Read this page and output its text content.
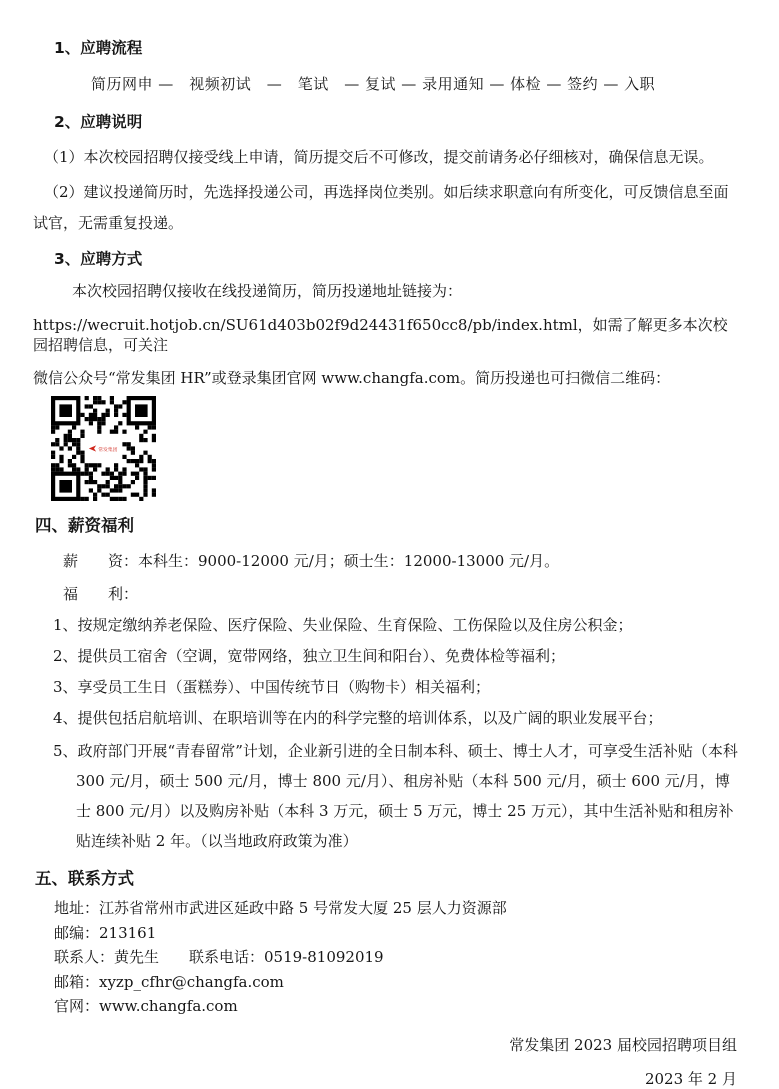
1、应聘流程
简历网申 —　视频初试　—　笔试　— 复试 — 录用通知 — 体检 — 签约 — 入职
2、应聘说明
（1）本次校园招聘仅接受线上申请，简历提交后不可修改，提交前请务必仔细核对，确保信息无误。
（2）建议投递简历时，先选择投递公司，再选择岗位类别。如后续求职意向有所变化，可反馈信息至面试官，无需重复投递。
3、应聘方式
本次校园招聘仅接收在线投递简历，简历投递地址链接为：
https://wecruit.hotjob.cn/SU61d403b02f9d24431f650cc8/pb/index.html，如需了解更多本次校园招聘信息，可关注
微信公众号“常发集团 HR”或登录集团官网 www.changfa.com。简历投递也可扫微信二维码：
常发集团
四、薪资福利
薪　　资：本科生：9000-12000 元/月；硕士生：12000-13000 元/月。
福　　利：
1、按规定缴纳养老保险、医疗保险、失业保险、生育保险、工伤保险以及住房公积金；
2、提供员工宿舍（空调，宽带网络，独立卫生间和阳台）、免费体检等福利；
3、享受员工生日（蛋糕券）、中国传统节日（购物卡）相关福利；
4、提供包括启航培训、在职培训等在内的科学完整的培训体系，以及广阔的职业发展平台；
5、政府部门开展“青春留常”计划，企业新引进的全日制本科、硕士、博士人才，可享受生活补贴（本科 300 元/月，硕士 500 元/月，博士 800 元/月）、租房补贴（本科 500 元/月，硕士 600 元/月，博士 800 元/月）以及购房补贴（本科 3 万元，硕士 5 万元，博士 25 万元），其中生活补贴和租房补贴连续补贴 2 年。（以当地政府政策为准）
五、联系方式
地址：江苏省常州市武进区延政中路 5 号常发大厦 25 层人力资源部
邮编：213161
联系人：黄先生　　联系电话：0519-81092019
邮箱：xyzp_cfhr@changfa.com
官网：www.changfa.com
常发集团 2023 届校园招聘项目组
2023 年 2 月
